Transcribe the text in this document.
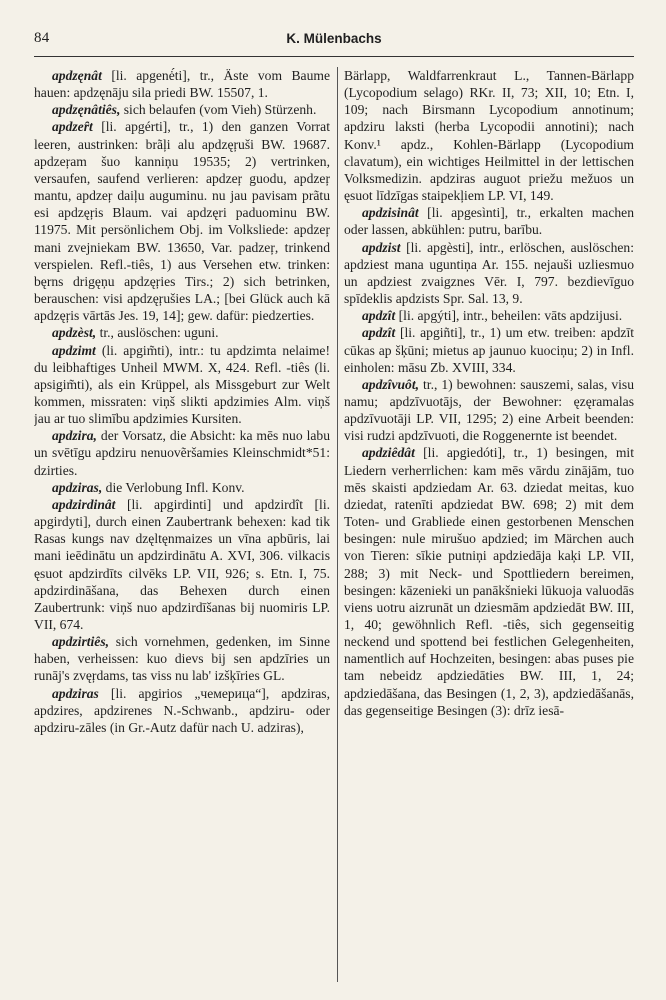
84	K. Mülenbachs

apdzęnât [li. apgenė́ti], tr., Äste vom Baume hauen: apdzęnāju sila priedi BW. 15507, 1.

apdzęnâtiês, sich belaufen (vom Vieh) Stürzenh.

apdzeȓt [li. apgérti], tr., 1) den ganzen Vorrat leeren, austrinken: brãļi alu apdzęŗuši BW. 19687. apdzeŗam šuo kanniņu 19535; 2) vertrinken, versaufen, saufend verlieren: apdzeŗ guodu, apdzeŗ mantu, apdzeŗ daiļu auguminu. nu jau pavisam prãtu esi apdzęŗis Blaum. vai apdzęri paduominu BW. 11975. Mit persönlichem Obj. im Volksliede: apdzeŗ mani zvejniekam BW. 13650, Var. padzeŗ, trinkend verspielen. Refl.-tiês, 1) aus Versehen etw. trinken: bęrns drigęņu apdzęŗies Tirs.; 2) sich betrinken, berauschen: visi apdzęŗušies LA.; [bei Glück auch kā apdzęŗis vārtās Jes. 19, 14]; gew. dafür: piedzerties.

apdzèst, tr., auslöschen: uguni.

apdzimt (li. apgim̃ti), intr.: tu apdzimta nelaime! du leibhaftiges Unheil MWM. X, 424. Refl. -tiês (li. apsigim̃ti), als ein Krüppel, als Missgeburt zur Welt kommen, missraten: viņš slikti apdzimies Alm. viņš jau ar tuo slimību apdzimies Kursiten.

apdzira, der Vorsatz, die Absicht: ka mēs nuo labu un svētīgu apdziru nenuovẽršamies Kleinschmidt*51: dzirties.

apdziras, die Verlobung Infl. Konv.

apdzirdinât [li. apgirdinti] und apdzirdît [li. apgirdyti], durch einen Zaubertrank behexen: kad tik Rasas kungs nav dzęltęnmaizes un vīna apbūris, lai mani ieēdinātu un apdzirdinātu A. XVI, 306. vilkacis ęsuot apdzirdīts cilvēks LP. VII, 926; s. Etn. I, 75. apdzirdināšana, das Behexen durch einen Zaubertrunk: viņš nuo apdzirdīšanas bij nuomiris LP. VII, 674.

apdzirtiês, sich vornehmen, gedenken, im Sinne haben, verheissen: kuo dievs bij sen apdzīries un runāj's zvęŗdams, tas viss nu lab' izšķīries GL.

apdziras [li. apgirios „чемерица“], apdziras, apdzires, apdzirenes N.-Schwanb., apdziru- oder apdziru-zāles (in Gr.-Autz dafür nach U. adziras),

Bärlapp, Waldfarrenkraut L., Tannen-Bärlapp (Lycopodium selago) RKr. II, 73; XII, 10; Etn. I, 109; nach Birsmann Lycopodium annotinum; apdziru laksti (herba Lycopodii annotini); nach Konv.¹ apdz., Kohlen-Bärlapp (Lycopodium clavatum), ein wichtiges Heilmittel in der lettischen Volksmedizin. apdziras auguot priežu mežuos un ęsuot līdzīgas staipekļiem LP. VI, 149.

apdzisinât [li. apgesìnti], tr., erkalten machen oder lassen, abkühlen: putru, barību.

apdzist [li. apgèsti], intr., erlöschen, auslöschen: apdziest mana uguntiņa Ar. 155. nejauši uzliesmuo un apdziest zvaigznes Vēr. I, 797. bezdievīguo spīdeklis apdzists Spr. Sal. 13, 9.

apdzît [li. apgýti], intr., beheilen: vāts apdzijusi.

apdzît [li. apgiñti], tr., 1) um etw. treiben: apdzīt cūkas ap šķūni; mietus ap jaunuo kuociņu; 2) in Infl. einholen: māsu Zb. XVIII, 334.

apdzîvuôt, tr., 1) bewohnen: sauszemi, salas, visu namu; apdzīvuotājs, der Bewohner: ęzęramalas apdzīvuotāji LP. VII, 1295; 2) eine Arbeit beenden: visi rudzi apdzīvuoti, die Roggenernte ist beendet.

apdziêdât [li. apgiedóti], tr., 1) besingen, mit Liedern verherrlichen: kam mēs vārdu zinājām, tuo mēs skaisti apdziedam Ar. 63. dziedat meitas, kuo dziedat, ratenīti apdziedat BW. 698; 2) mit dem Toten- und Grabliede einen gestorbenen Menschen besingen: nule mirušuo apdzied; im Märchen auch von Tieren: sīkie putniņi apdziedāja kaķi LP. VII, 288; 3) mit Neck- und Spottliedern bereimen, besingen: kāzenieki un panākšnieki lūkuoja valuodās viens uotru aizrunāt un dziesmām apdziedāt BW. III, 1, 40; gewöhnlich Refl. -tiês, sich gegenseitig neckend und spottend bei festlichen Gelegenheiten, namentlich auf Hochzeiten, besingen: abas puses pie tam nebeidz apdziedāties BW. III, 1, 24; apdziedāšana, das Besingen (1, 2, 3), apdziedāšanās, das gegenseitige Besingen (3): drīz iesā-
